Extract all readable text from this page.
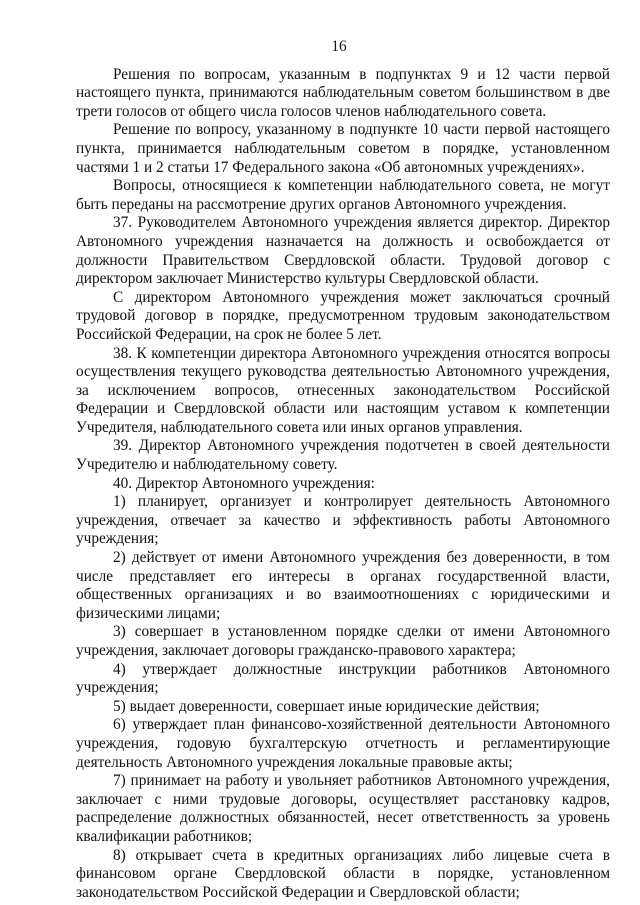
16

Решения по вопросам, указанным в подпунктах 9 и 12 части первой настоящего пункта, принимаются наблюдательным советом большинством в две трети голосов от общего числа голосов членов наблюдательного совета.

Решение по вопросу, указанному в подпункте 10 части первой настоящего пункта, принимается наблюдательным советом в порядке, установленном частями 1 и 2 статьи 17 Федерального закона «Об автономных учреждениях».

Вопросы, относящиеся к компетенции наблюдательного совета, не могут быть переданы на рассмотрение других органов Автономного учреждения.

37. Руководителем Автономного учреждения является директор. Директор Автономного учреждения назначается на должность и освобождается от должности Правительством Свердловской области. Трудовой договор с директором заключает Министерство культуры Свердловской области.

С директором Автономного учреждения может заключаться срочный трудовой договор в порядке, предусмотренном трудовым законодательством Российской Федерации, на срок не более 5 лет.

38. К компетенции директора Автономного учреждения относятся вопросы осуществления текущего руководства деятельностью Автономного учреждения, за исключением вопросов, отнесенных законодательством Российской Федерации и Свердловской области или настоящим уставом к компетенции Учредителя, наблюдательного совета или иных органов управления.

39. Директор Автономного учреждения подотчетен в своей деятельности Учредителю и наблюдательному совету.

40. Директор Автономного учреждения:

1) планирует, организует и контролирует деятельность Автономного учреждения, отвечает за качество и эффективность работы Автономного учреждения;

2) действует от имени Автономного учреждения без доверенности, в том числе представляет его интересы в органах государственной власти, общественных организациях и во взаимоотношениях с юридическими и физическими лицами;

3) совершает в установленном порядке сделки от имени Автономного учреждения, заключает договоры гражданско-правового характера;

4) утверждает должностные инструкции работников Автономного учреждения;

5) выдает доверенности, совершает иные юридические действия;

6) утверждает план финансово-хозяйственной деятельности Автономного учреждения, годовую бухгалтерскую отчетность и регламентирующие деятельность Автономного учреждения локальные правовые акты;

7) принимает на работу и увольняет работников Автономного учреждения, заключает с ними трудовые договоры, осуществляет расстановку кадров, распределение должностных обязанностей, несет ответственность за уровень квалификации работников;

8) открывает счета в кредитных организациях либо лицевые счета в финансовом органе Свердловской области в порядке, установленном законодательством Российской Федерации и Свердловской области;
